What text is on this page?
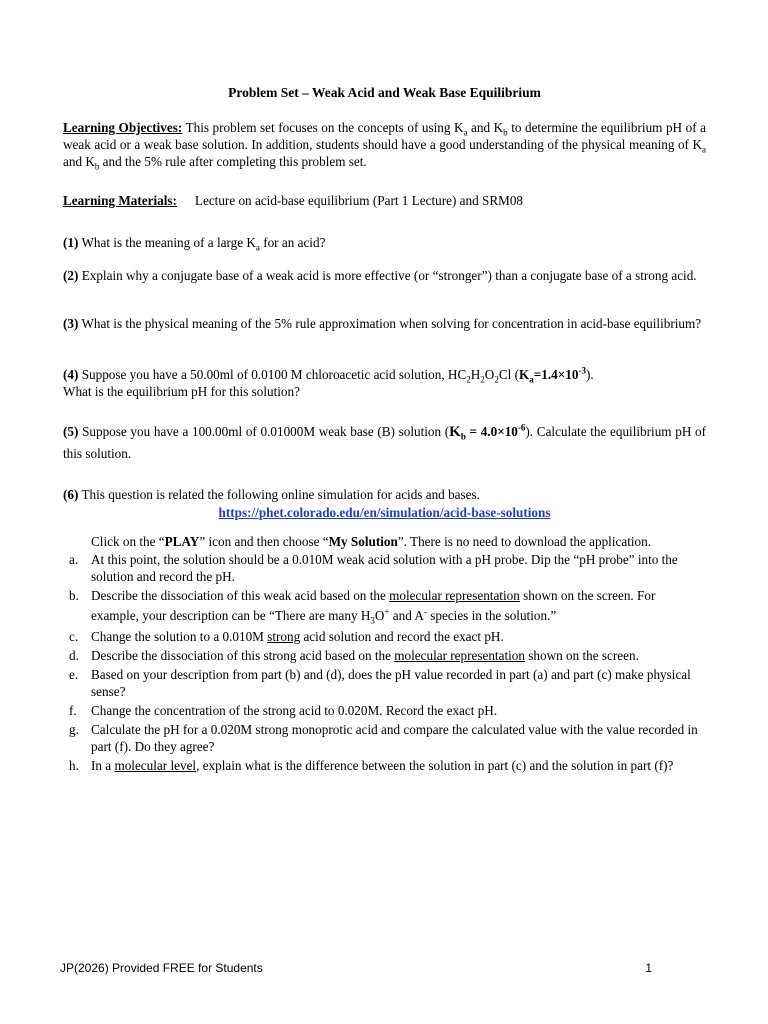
Problem Set – Weak Acid and Weak Base Equilibrium
Learning Objectives: This problem set focuses on the concepts of using $K_a$ and $K_b$ to determine the equilibrium pH of a weak acid or a weak base solution. In addition, students should have a good understanding of the physical meaning of $K_a$ and $K_b$ and the 5% rule after completing this problem set.
Learning Materials: Lecture on acid-base equilibrium (Part 1 Lecture) and SRM08
(1) What is the meaning of a large $K_a$ for an acid?
(2) Explain why a conjugate base of a weak acid is more effective (or “stronger”) than a conjugate base of a strong acid.
(3) What is the physical meaning of the 5% rule approximation when solving for concentration in acid-base equilibrium?
(4) Suppose you have a 50.00ml of 0.0100 M chloroacetic acid solution, $HC_2H_2O_2Cl$ $(K_a=1.4\times 10^{-3})$.
What is the equilibrium pH for this solution?
(5) Suppose you have a 100.00ml of 0.01000M weak base (B) solution $(K_b = 4.0\times 10^{-6})$. Calculate the equilibrium pH of this solution.
(6) This question is related the following online simulation for acids and bases.
https://phet.colorado.edu/en/simulation/acid-base-solutions
Click on the “PLAY” icon and then choose “My Solution”. There is no need to download the application.
a. At this point, the solution should be a 0.010M weak acid solution with a pH probe. Dip the “pH probe” into the solution and record the pH.
b. Describe the dissociation of this weak acid based on the molecular representation shown on the screen. For example, your description can be “There are many $H_3O^+$ and A- species in the solution.”
c. Change the solution to a 0.010M strong acid solution and record the exact pH.
d. Describe the dissociation of this strong acid based on the molecular representation shown on the screen.
e. Based on your description from part (b) and (d), does the pH value recorded in part (a) and part (c) make physical sense?
f. Change the concentration of the strong acid to 0.020M. Record the exact pH.
g. Calculate the pH for a 0.020M strong monoprotic acid and compare the calculated value with the value recorded in part (f). Do they agree?
h. In a molecular level, explain what is the difference between the solution in part (c) and the solution in part (f)?
JP(2026) Provided FREE for Students	1
